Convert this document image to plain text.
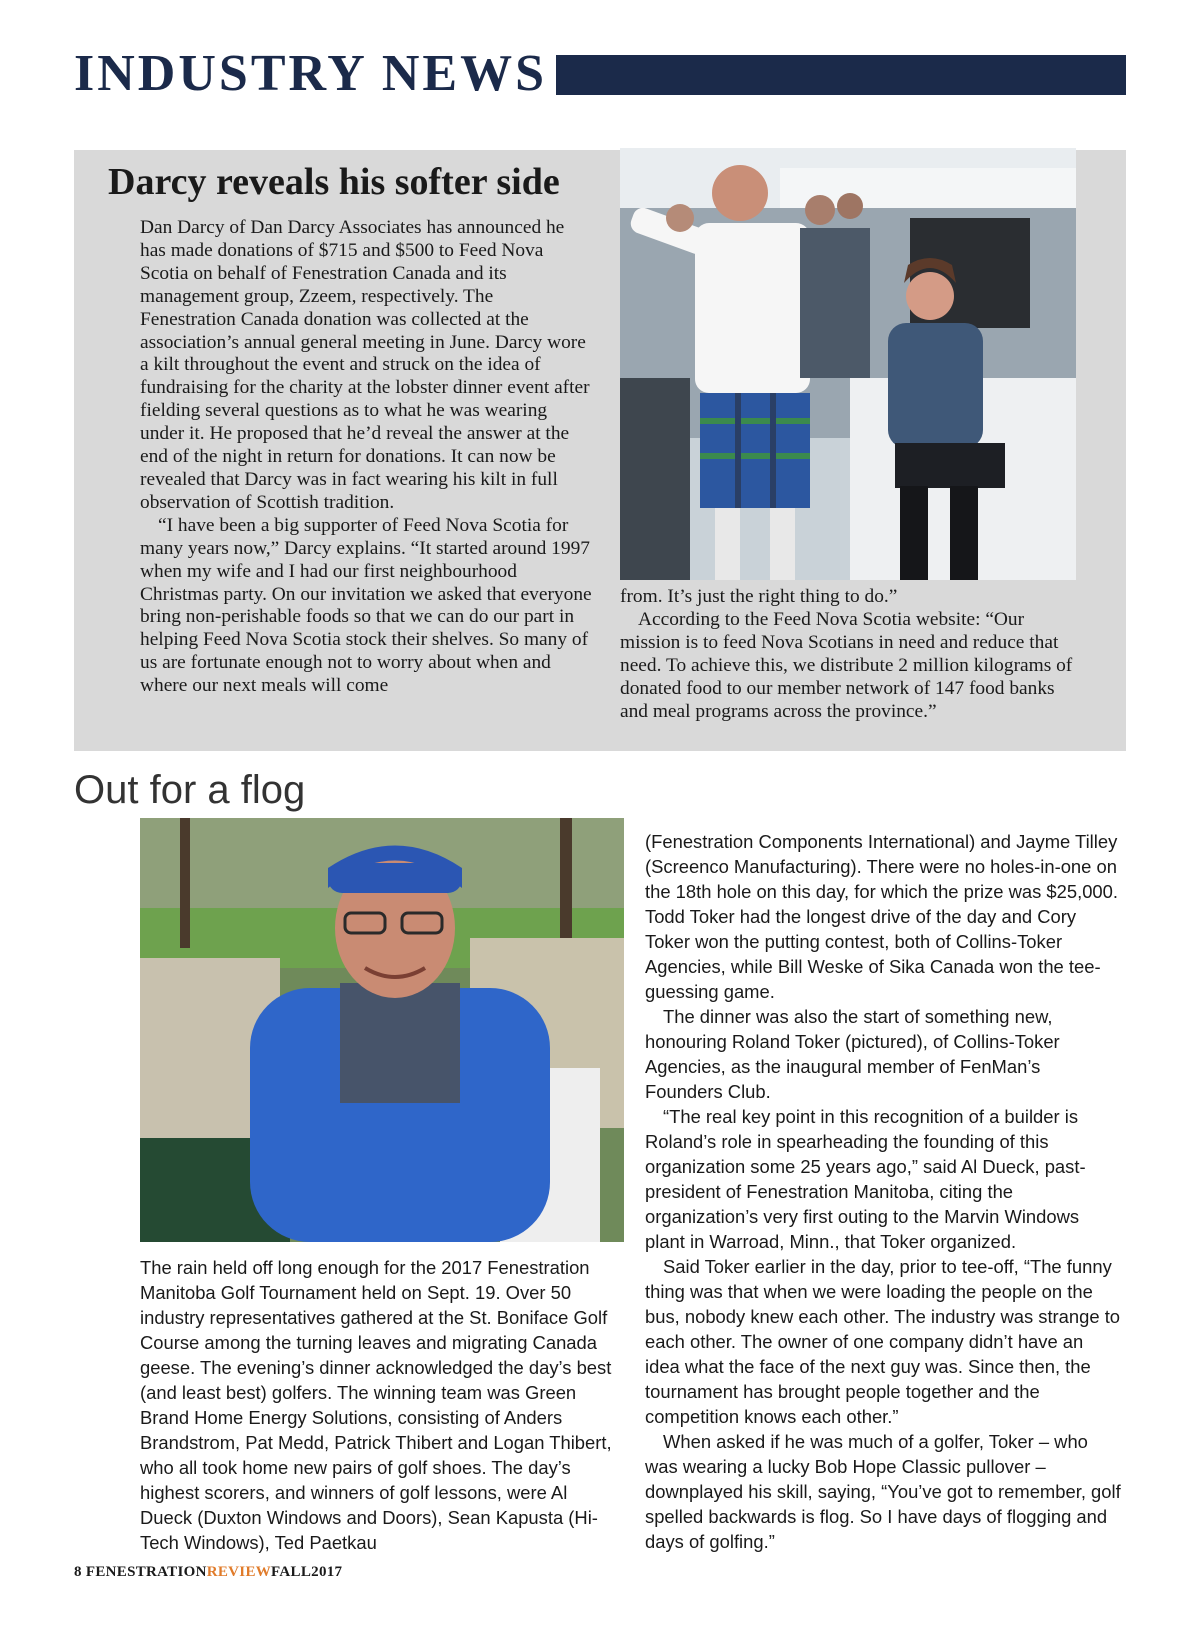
INDUSTRY NEWS
Darcy reveals his softer side

Dan Darcy of Dan Darcy Associates has announced he has made donations of $715 and $500 to Feed Nova Scotia on behalf of Fenestration Canada and its management group, Zzeem, respectively. The Fenestration Canada donation was collected at the association’s annual general meeting in June. Darcy wore a kilt throughout the event and struck on the idea of fundraising for the charity at the lobster dinner event after fielding several questions as to what he was wearing under it. He proposed that he’d reveal the answer at the end of the night in return for donations. It can now be revealed that Darcy was in fact wearing his kilt in full observation of Scottish tradition.

“I have been a big supporter of Feed Nova Scotia for many years now,” Darcy explains. “It started around 1997 when my wife and I had our first neighbourhood Christmas party. On our invitation we asked that everyone bring non-perishable foods so that we can do our part in helping Feed Nova Scotia stock their shelves. So many of us are fortunate enough not to worry about when and where our next meals will come

from. It’s just the right thing to do.”

According to the Feed Nova Scotia website: “Our mission is to feed Nova Scotians in need and reduce that need. To achieve this, we distribute 2 million kilograms of donated food to our member network of 147 food banks and meal programs across the province.”

Out for a flog

The rain held off long enough for the 2017 Fenestration Manitoba Golf Tournament held on Sept. 19. Over 50 industry representatives gathered at the St. Boniface Golf Course among the turning leaves and migrating Canada geese. The evening’s dinner acknowledged the day’s best (and least best) golfers. The winning team was Green Brand Home Energy Solutions, consisting of Anders Brandstrom, Pat Medd, Patrick Thibert and Logan Thibert, who all took home new pairs of golf shoes. The day’s highest scorers, and winners of golf lessons, were Al Dueck (Duxton Windows and Doors), Sean Kapusta (Hi-Tech Windows), Ted Paetkau

(Fenestration Components International) and Jayme Tilley (Screenco Manufacturing). There were no holes-in-one on the 18th hole on this day, for which the prize was $25,000. Todd Toker had the longest drive of the day and Cory Toker won the putting contest, both of Collins-Toker Agencies, while Bill Weske of Sika Canada won the tee-guessing game.

The dinner was also the start of something new, honouring Roland Toker (pictured), of Collins-Toker Agencies, as the inaugural member of FenMan’s Founders Club.

“The real key point in this recognition of a builder is Roland’s role in spearheading the founding of this organization some 25 years ago,” said Al Dueck, past-president of Fenestration Manitoba, citing the organization’s very first outing to the Marvin Windows plant in Warroad, Minn., that Toker organized.

Said Toker earlier in the day, prior to tee-off, “The funny thing was that when we were loading the people on the bus, nobody knew each other. The industry was strange to each other. The owner of one company didn’t have an idea what the face of the next guy was. Since then, the tournament has brought people together and the competition knows each other.”

When asked if he was much of a golfer, Toker – who was wearing a lucky Bob Hope Classic pullover – downplayed his skill, saying, “You’ve got to remember, golf spelled backwards is flog. So I have days of flogging and days of golfing.”

8 FENESTRATIONREVIEWFALL2017
